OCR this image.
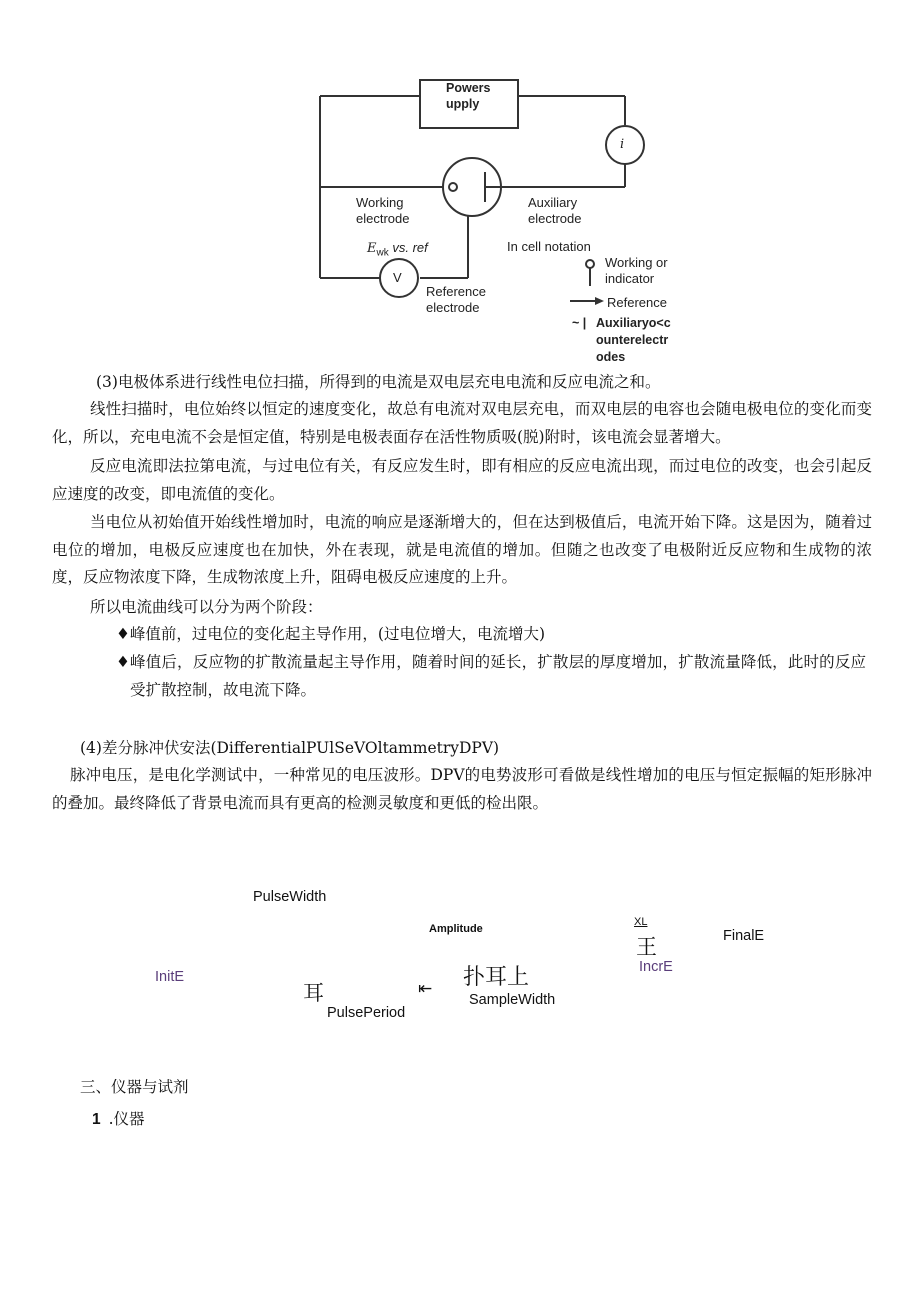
Powers
upply
i
Working
electrode
Auxiliary
electrode
$E_{wk}$ vs. ref
V
Reference
electrode
In cell notation
Working or
indicator
Reference
~ | Auxiliaryo<c
ounterelectr
odes
(3)电极体系进行线性电位扫描，所得到的电流是双电层充电电流和反应电流之和。
线性扫描时，电位始终以恒定的速度变化，故总有电流对双电层充电，而双电层的电容也会随电极电位的变化而变化，所以，充电电流不会是恒定值，特别是电极表面存在活性物质吸(脱)附时，该电流会显著增大。
反应电流即法拉第电流，与过电位有关，有反应发生时，即有相应的反应电流出现，而过电位的改变，也会引起反应速度的改变，即电流值的变化。
当电位从初始值开始线性增加时，电流的响应是逐渐增大的，但在达到极值后，电流开始下降。这是因为，随着过电位的增加，电极反应速度也在加快，外在表现，就是电流值的增加。但随之也改变了电极附近反应物和生成物的浓度，反应物浓度下降，生成物浓度上升，阻碍电极反应速度的上升。
所以电流曲线可以分为两个阶段：
♦峰值前，过电位的变化起主导作用，(过电位增大，电流增大)
♦峰值后，反应物的扩散流量起主导作用，随着时间的延长，扩散层的厚度增加，扩散流量降低，此时的反应受扩散控制，故电流下降。
(4)差分脉冲伏安法(DifferentialPUlSeVOltammetryDPV)
脉冲电压，是电化学测试中，一种常见的电压波形。DPV的电势波形可看做是线性增加的电压与恒定振幅的矩形脉冲的叠加。最终降低了背景电流而具有更高的检测灵敏度和更低的检出限。
PulseWidth
Amplitude
XL
王	FinalE
InitE
IncrE
耳	⇤ 扑耳上
SampleWidth
PulsePeriod
三、仪器与试剂
1 .仪器
